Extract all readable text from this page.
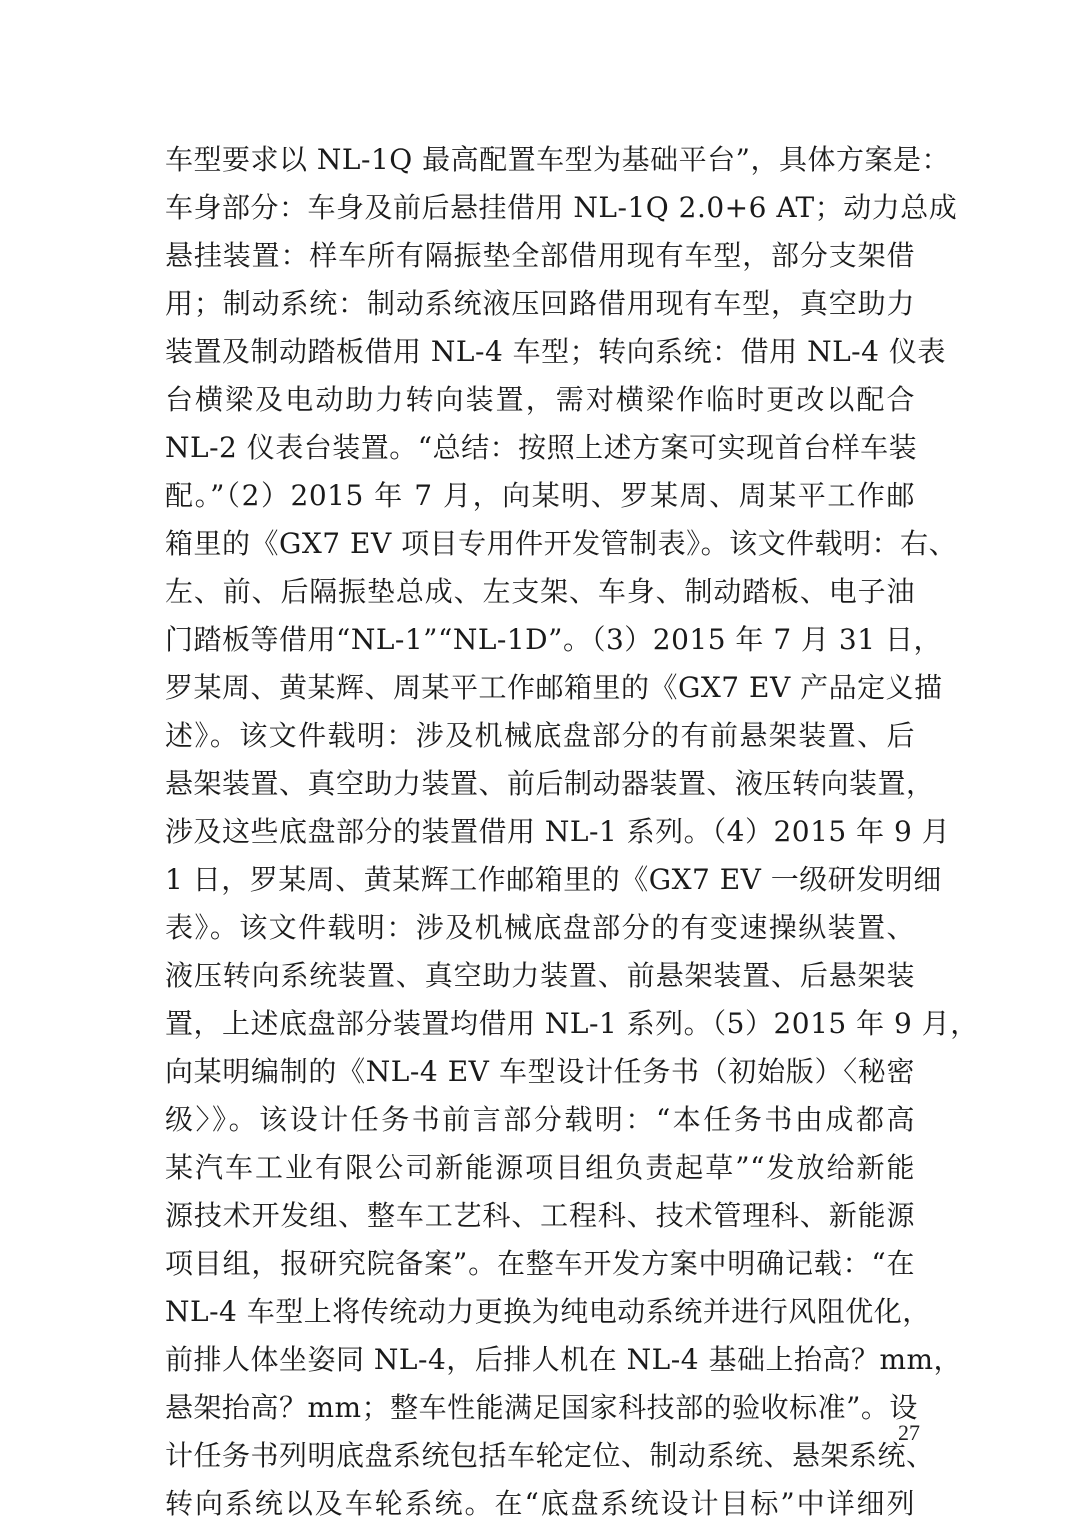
车型要求以 NL-1Q 最高配置车型为基础平台”，具体方案是：
车身部分：车身及前后悬挂借用 NL-1Q 2.0+6 AT；动力总成
悬挂装置：样车所有隔振垫全部借用现有车型，部分支架借
用；制动系统：制动系统液压回路借用现有车型，真空助力
装置及制动踏板借用 NL-4 车型；转向系统：借用 NL-4 仪表
台横梁及电动助力转向装置，需对横梁作临时更改以配合
NL-2 仪表台装置。“总结：按照上述方案可实现首台样车装
配。”（2）2015 年 7 月，向某明、罗某周、周某平工作邮
箱里的《GX7 EV 项目专用件开发管制表》。该文件载明：右、
左、前、后隔振垫总成、左支架、车身、制动踏板、电子油
门踏板等借用“NL-1”“NL-1D”。（3）2015 年 7 月 31 日，
罗某周、黄某辉、周某平工作邮箱里的《GX7 EV 产品定义描
述》。该文件载明：涉及机械底盘部分的有前悬架装置、后
悬架装置、真空助力装置、前后制动器装置、液压转向装置，
涉及这些底盘部分的装置借用 NL-1 系列。（4）2015 年 9 月
1 日，罗某周、黄某辉工作邮箱里的《GX7 EV 一级研发明细
表》。该文件载明：涉及机械底盘部分的有变速操纵装置、
液压转向系统装置、真空助力装置、前悬架装置、后悬架装
置，上述底盘部分装置均借用 NL-1 系列。（5）2015 年 9 月，
向某明编制的《NL-4 EV 车型设计任务书（初始版）〈秘密
级〉》。该设计任务书前言部分载明：“本任务书由成都高
某汽车工业有限公司新能源项目组负责起草”“发放给新能
源技术开发组、整车工艺科、工程科、技术管理科、新能源
项目组，报研究院备案”。在整车开发方案中明确记载：“在
NL-4 车型上将传统动力更换为纯电动系统并进行风阻优化，
前排人体坐姿同 NL-4，后排人机在 NL-4 基础上抬高？mm，
悬架抬高？mm；整车性能满足国家科技部的验收标准”。设
计任务书列明底盘系统包括车轮定位、制动系统、悬架系统、
转向系统以及车轮系统。在“底盘系统设计目标”中详细列
27
